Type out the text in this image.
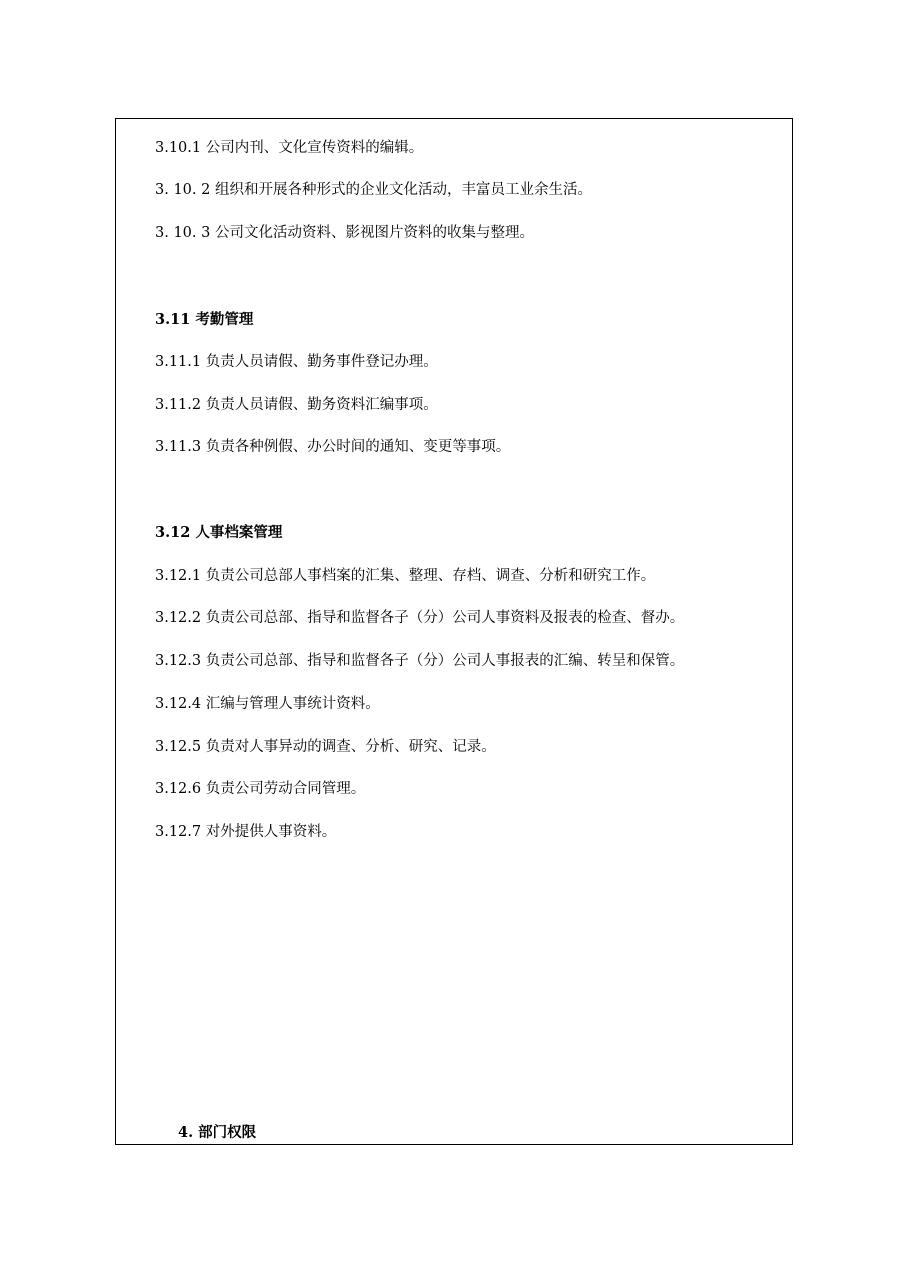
3.10.1 公司内刊、文化宣传资料的编辑。
3. 10. 2 组织和开展各种形式的企业文化活动，丰富员工业余生活。
3. 10. 3 公司文化活动资料、影视图片资料的收集与整理。
3.11 考勤管理
3.11.1 负责人员请假、勤务事件登记办理。
3.11.2 负责人员请假、勤务资料汇编事项。
3.11.3 负责各种例假、办公时间的通知、变更等事项。
3.12 人事档案管理
3.12.1 负责公司总部人事档案的汇集、整理、存档、调查、分析和研究工作。
3.12.2 负责公司总部、指导和监督各子（分）公司人事资料及报表的检查、督办。
3.12.3 负责公司总部、指导和监督各子（分）公司人事报表的汇编、转呈和保管。
3.12.4 汇编与管理人事统计资料。
3.12.5 负责对人事异动的调查、分析、研究、记录。
3.12.6 负责公司劳动合同管理。
3.12.7 对外提供人事资料。
4. 部门权限
